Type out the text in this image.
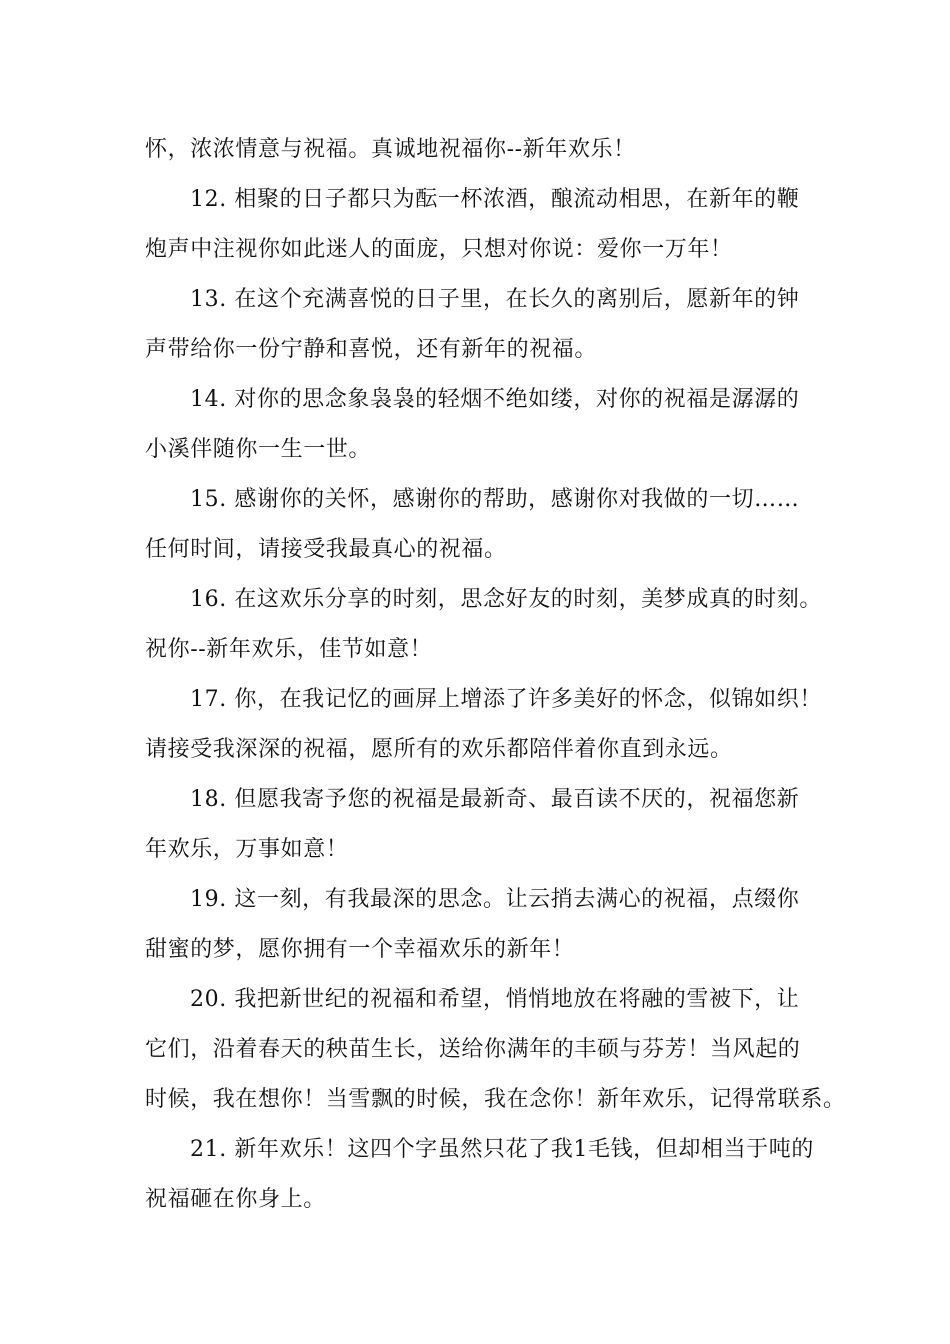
怀，浓浓情意与祝福。真诚地祝福你--新年欢乐！
12. 相聚的日子都只为酝一杯浓酒，酿流动相思，在新年的鞭
炮声中注视你如此迷人的面庞，只想对你说：爱你一万年！
13. 在这个充满喜悦的日子里，在长久的离别后，愿新年的钟
声带给你一份宁静和喜悦，还有新年的祝福。
14. 对你的思念象袅袅的轻烟不绝如缕，对你的祝福是潺潺的
小溪伴随你一生一世。
15. 感谢你的关怀，感谢你的帮助，感谢你对我做的一切……
任何时间，请接受我最真心的祝福。
16. 在这欢乐分享的时刻，思念好友的时刻，美梦成真的时刻。
祝你--新年欢乐，佳节如意！
17. 你，在我记忆的画屏上增添了许多美好的怀念，似锦如织！
请接受我深深的祝福，愿所有的欢乐都陪伴着你直到永远。
18. 但愿我寄予您的祝福是最新奇、最百读不厌的，祝福您新
年欢乐，万事如意！
19. 这一刻，有我最深的思念。让云捎去满心的祝福，点缀你
甜蜜的梦，愿你拥有一个幸福欢乐的新年！
20. 我把新世纪的祝福和希望，悄悄地放在将融的雪被下，让
它们，沿着春天的秧苗生长，送给你满年的丰硕与芬芳！当风起的
时候，我在想你！当雪飘的时候，我在念你！新年欢乐，记得常联系。
21. 新年欢乐！这四个字虽然只花了我1毛钱，但却相当于吨的
祝福砸在你身上。
